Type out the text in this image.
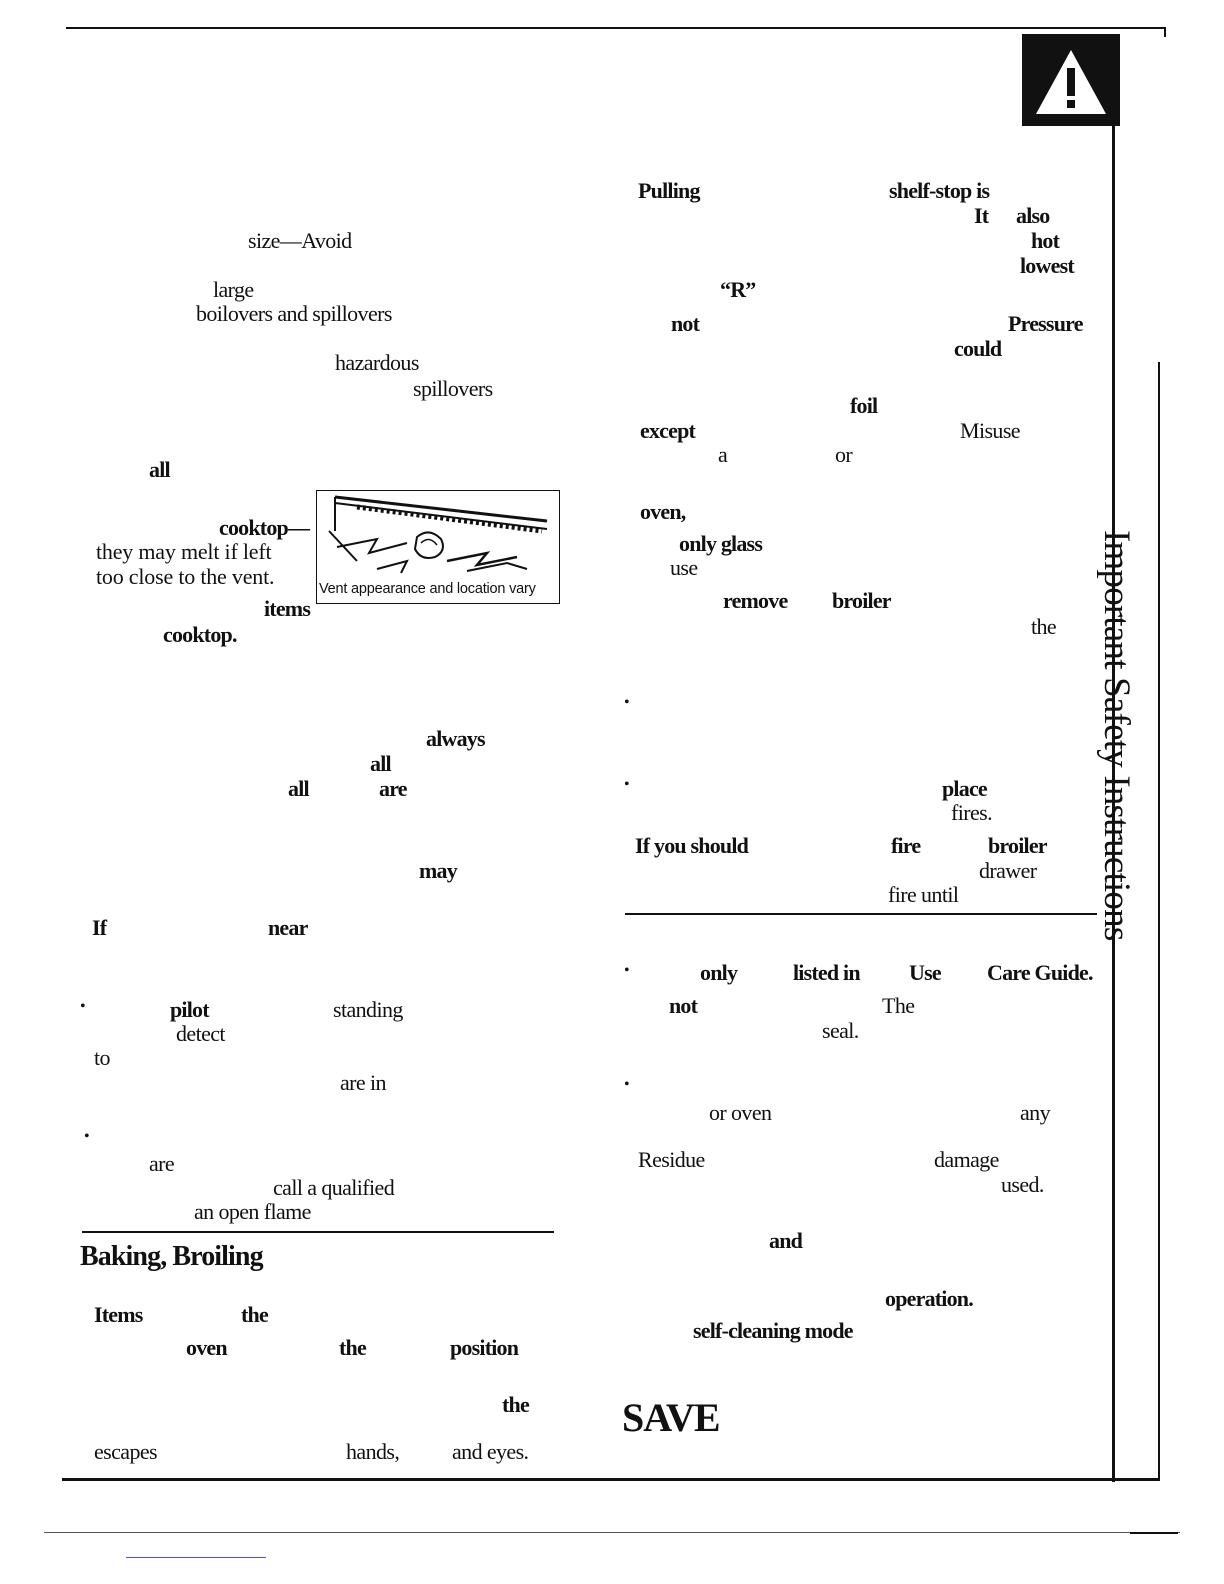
Important Safety Instructions
size—Avoid
large
boilovers and spillovers
hazardous
spillovers
all
cooktop—
they may melt if left
too close to the vent.
items
cooktop.
Vent appearance and location vary
always
all
all	are
may
If	near
•	pilot	standing
detect
to
are in
•
are
call a qualified
an open flame
Baking, Broiling
Items	the
oven	the	position
the
escapes	hands, and eyes.
Pulling	shelf-stop is
It also
hot
lowest
“R”
not	Pressure
could
foil
except	Misuse
a	or
oven,
only glass
use
remove broiler
the
•
•	place
fires.
If you should	fire	broiler
drawer
fire until
•	only	listed in Use Care Guide.
not	The
seal.
•
or oven	any
Residue	damage
used.
and
operation.
self-cleaning mode
SAVE
